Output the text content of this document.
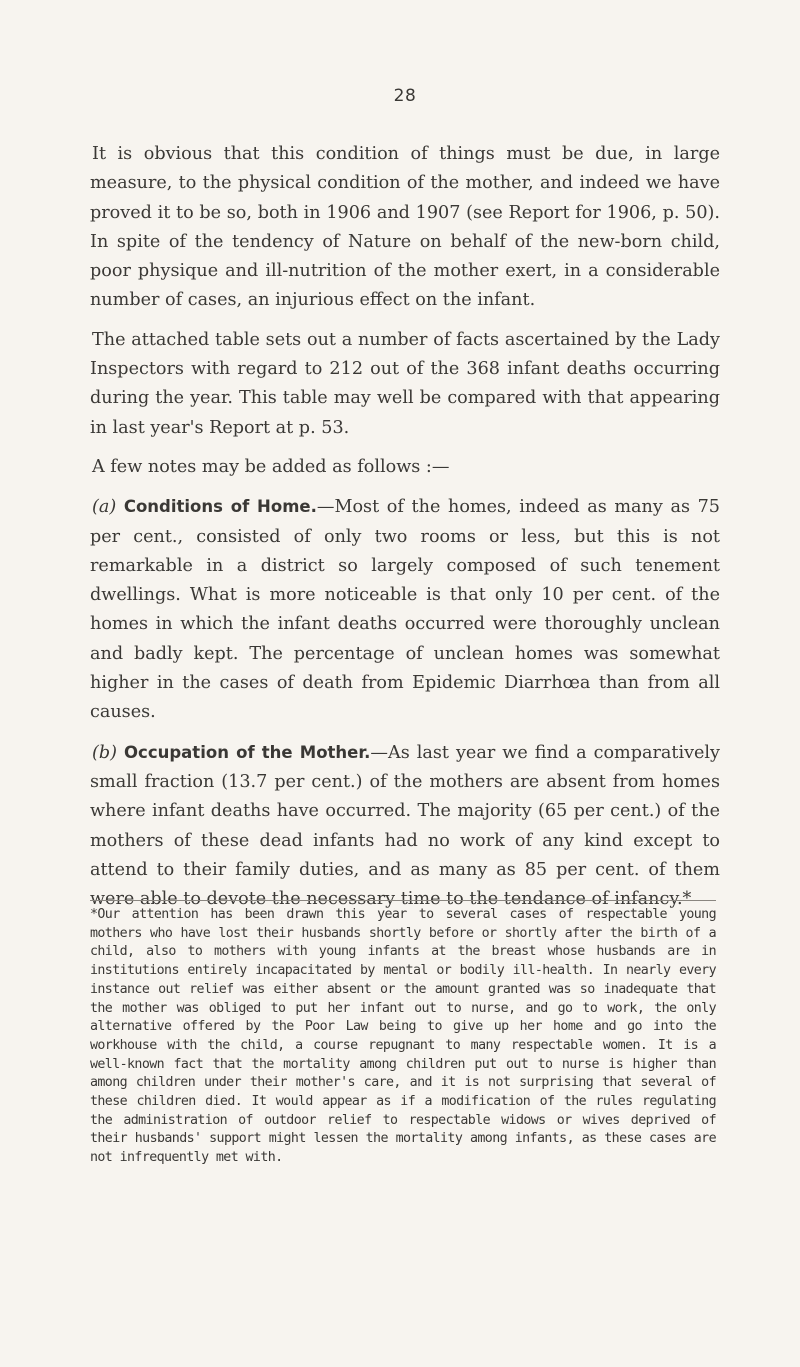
28

It is obvious that this condition of things must be due, in large measure, to the physical condition of the mother, and indeed we have proved it to be so, both in 1906 and 1907 (see Report for 1906, p. 50). In spite of the tendency of Nature on behalf of the new-born child, poor physique and ill-nutrition of the mother exert, in a considerable number of cases, an injurious effect on the infant.

The attached table sets out a number of facts ascertained by the Lady Inspectors with regard to 212 out of the 368 infant deaths occurring during the year. This table may well be compared with that appearing in last year's Report at p. 53.

A few notes may be added as follows :—

(a) Conditions of Home.—Most of the homes, indeed as many as 75 per cent., consisted of only two rooms or less, but this is not remarkable in a district so largely composed of such tenement dwellings. What is more noticeable is that only 10 per cent. of the homes in which the infant deaths occurred were thoroughly unclean and badly kept. The percentage of unclean homes was somewhat higher in the cases of death from Epidemic Diarrhœa than from all causes.

(b) Occupation of the Mother.—As last year we find a comparatively small fraction (13.7 per cent.) of the mothers are absent from homes where infant deaths have occurred. The majority (65 per cent.) of the mothers of these dead infants had no work of any kind except to attend to their family duties, and as many as 85 per cent. of them were able to devote the necessary time to the tendance of infancy.*

*Our attention has been drawn this year to several cases of respectable young mothers who have lost their husbands shortly before or shortly after the birth of a child, also to mothers with young infants at the breast whose husbands are in institutions entirely incapacitated by mental or bodily ill-health. In nearly every instance out relief was either absent or the amount granted was so inadequate that the mother was obliged to put her infant out to nurse, and go to work, the only alternative offered by the Poor Law being to give up her home and go into the workhouse with the child, a course repugnant to many respectable women. It is a well-known fact that the mortality among children put out to nurse is higher than among children under their mother's care, and it is not surprising that several of these children died. It would appear as if a modification of the rules regulating the administration of outdoor relief to respectable widows or wives deprived of their husbands' support might lessen the mortality among infants, as these cases are not infrequently met with.
